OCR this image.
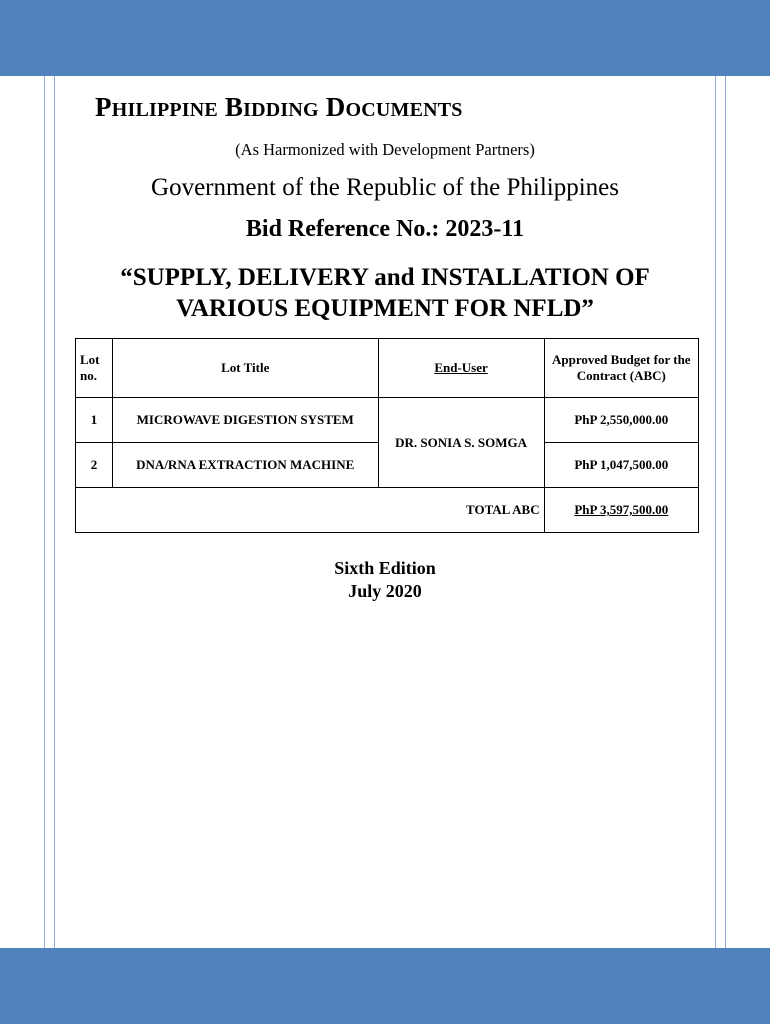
PHILIPPINE BIDDING DOCUMENTS
(As Harmonized with Development Partners)
Government of the Republic of the Philippines
Bid Reference No.: 2023-11
“SUPPLY, DELIVERY and INSTALLATION OF
VARIOUS EQUIPMENT FOR NFLD”
Lot no.	Lot Title	End-User	Approved Budget for the Contract (ABC)
1	MICROWAVE DIGESTION SYSTEM	DR. SONIA S. SOMGA	PhP 2,550,000.00
2	DNA/RNA EXTRACTION MACHINE		PhP 1,047,500.00
TOTAL ABC			PhP 3,597,500.00
Sixth Edition
July 2020
